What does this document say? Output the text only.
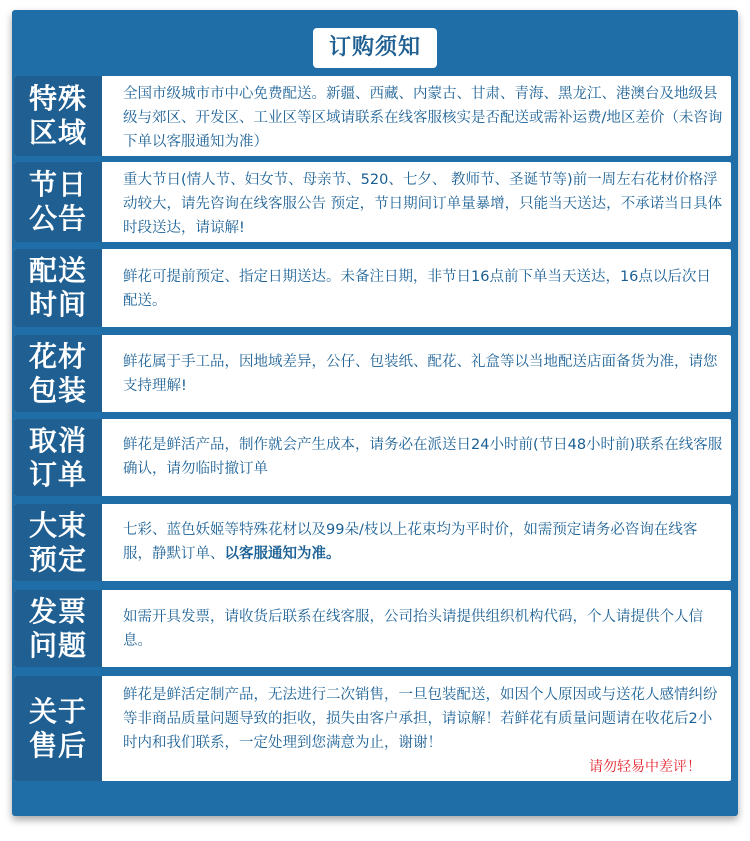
订购须知
特殊
区域
全国市级城市市中心免费配送。新疆、西藏、内蒙古、甘肃、青海、黑龙江、港澳台及地级县级与郊区、开发区、工业区等区域请联系在线客服核实是否配送或需补运费/地区差价（未咨询下单以客服通知为准）
节日
公告
重大节日(情人节、妇女节、母亲节、520、七夕、 教师节、圣诞节等)前一周左右花材价格浮动较大，请先咨询在线客服公告 预定，节日期间订单量暴增，只能当天送达，不承诺当日具体时段送达，请谅解!
配送
时间
鲜花可提前预定、指定日期送达。未备注日期，非节日16点前下单当天送达，16点以后次日配送。
花材
包装
鲜花属于手工品，因地域差异，公仔、包装纸、配花、礼盒等以当地配送店面备货为准，请您支持理解!
取消
订单
鲜花是鲜活产品，制作就会产生成本，请务必在派送日24小时前(节日48小时前)联系在线客服确认，请勿临时撤订单
大束
预定
七彩、蓝色妖姬等特殊花材以及99朵/枝以上花束均为平时价，如需预定请务必咨询在线客服，静默订单、以客服通知为准。
发票
问题
如需开具发票，请收货后联系在线客服，公司抬头请提供组织机构代码，个人请提供个人信息。
关于
售后
鲜花是鲜活定制产品，无法进行二次销售，一旦包装配送，如因个人原因或与送花人感情纠纷等非商品质量问题导致的拒收，损失由客户承担，请谅解！若鲜花有质量问题请在收花后2小时内和我们联系，一定处理到您满意为止，谢谢！
请勿轻易中差评！
